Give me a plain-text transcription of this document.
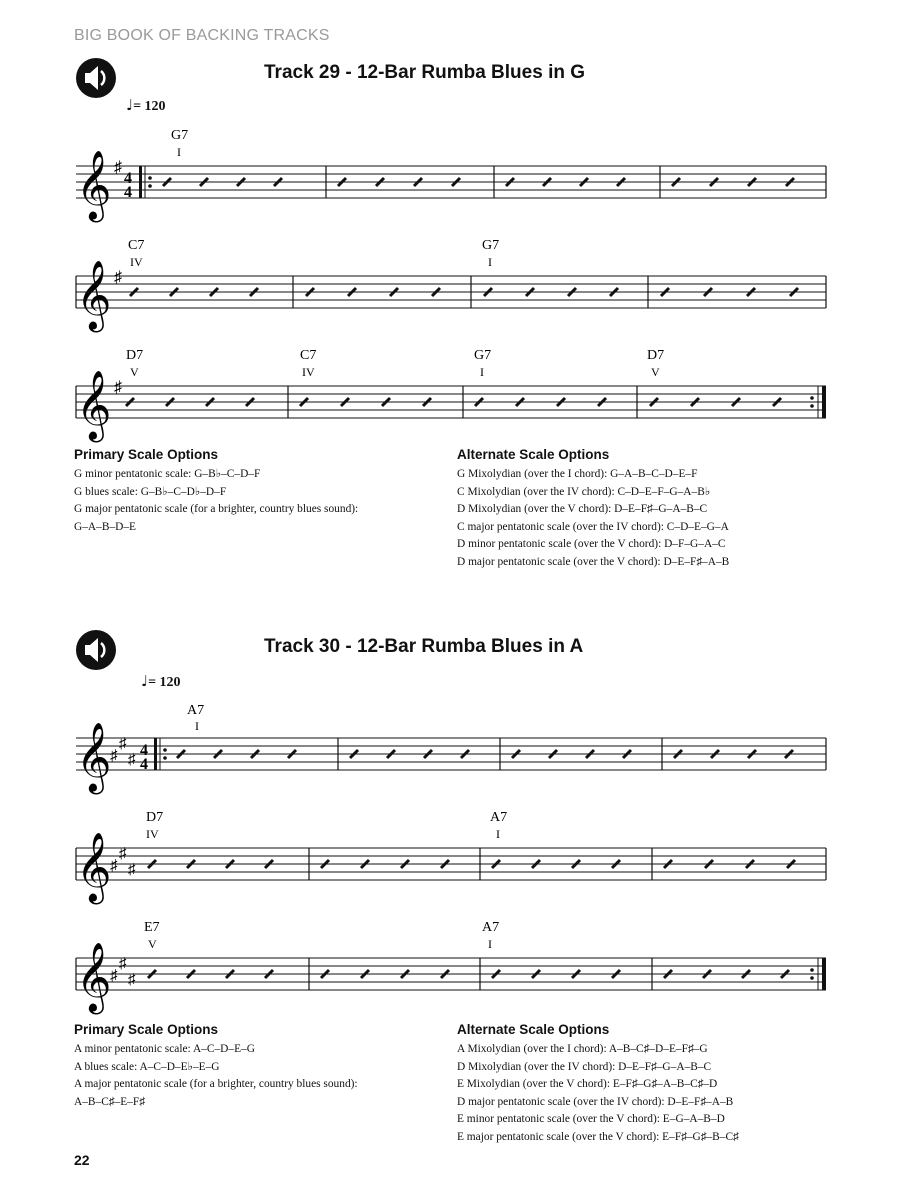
BIG BOOK OF BACKING TRACKS
Track 29 - 12-Bar Rumba Blues in G
♩= 120
𝄞 ♯
4
4
G7
I
𝄞 ♯
C7
IV
G7
I
𝄞 ♯
D7
V
C7
IV
G7
I
D7
V
Primary Scale Options
G minor pentatonic scale: G–B♭–C–D–F
G blues scale: G–B♭–C–D♭–D–F
G major pentatonic scale (for a brighter, country blues sound):
G–A–B–D–E
Alternate Scale Options
G Mixolydian (over the I chord): G–A–B–C–D–E–F
C Mixolydian (over the IV chord): C–D–E–F–G–A–B♭
D Mixolydian (over the V chord): D–E–F♯–G–A–B–C
C major pentatonic scale (over the IV chord): C–D–E–G–A
D minor pentatonic scale (over the V chord): D–F–G–A–C
D major pentatonic scale (over the V chord): D–E–F♯–A–B
Track 30 - 12-Bar Rumba Blues in A
♩= 120
𝄞
♯
♯
♯
4
4
A7
I
𝄞
♯
♯
♯
D7
IV
A7
I
𝄞
♯
♯
♯
E7
V
A7
I
Primary Scale Options
A minor pentatonic scale: A–C–D–E–G
A blues scale: A–C–D–E♭–E–G
A major pentatonic scale (for a brighter, country blues sound):
A–B–C♯–E–F♯
Alternate Scale Options
A Mixolydian (over the I chord): A–B–C♯–D–E–F♯–G
D Mixolydian (over the IV chord): D–E–F♯–G–A–B–C
E Mixolydian (over the V chord): E–F♯–G♯–A–B–C♯–D
D major pentatonic scale (over the IV chord): D–E–F♯–A–B
E minor pentatonic scale (over the V chord): E–G–A–B–D
E major pentatonic scale (over the V chord): E–F♯–G♯–B–C♯
22
